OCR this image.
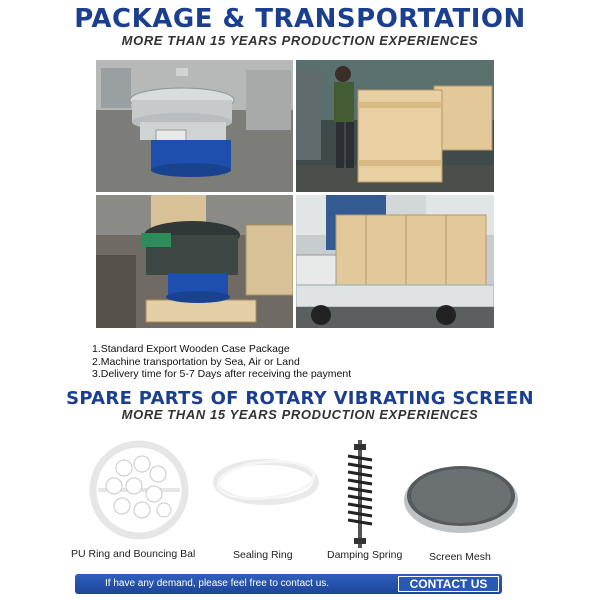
PACKAGE & TRANSPORTATION
MORE THAN 15 YEARS PRODUCTION EXPERIENCES
1.Standard Export Wooden Case Package
2.Machine transportation by Sea, Air or Land
3.Delivery time for 5-7 Days after receiving the payment
SPARE PARTS OF ROTARY VIBRATING SCREEN
MORE THAN 15 YEARS PRODUCTION EXPERIENCES
PU Ring and Bouncing Bal	Sealing Ring	Damping Spring	Screen Mesh
If have any demand, please feel free to contact us.	CONTACT US
